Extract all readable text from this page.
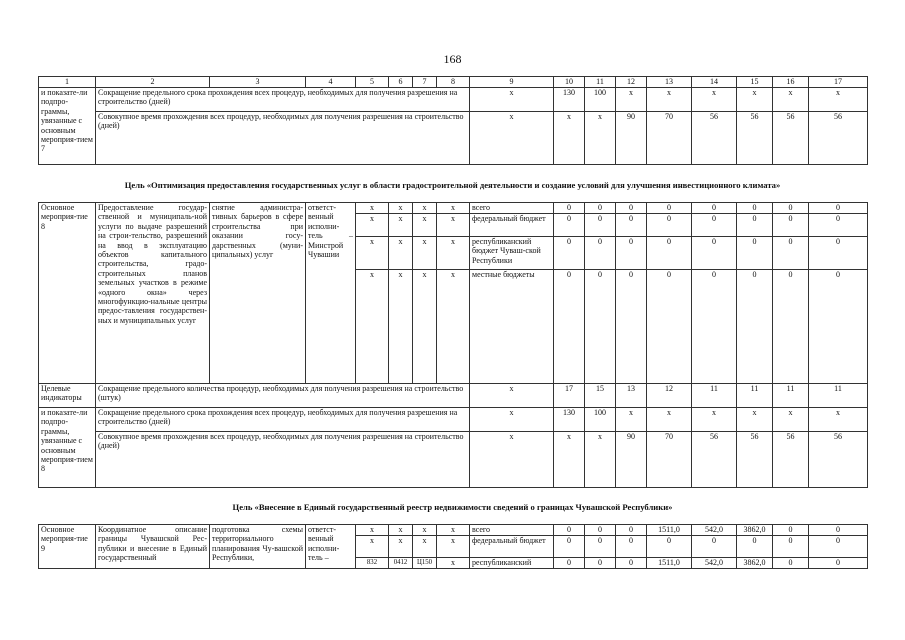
168
1	2	3	4	5	6	7	8	9	10	11	12	13	14	15	16	17
и показате-ли подпро-граммы, увязанные с основным мероприя-тием 7	Сокращение предельного срока прохождения всех процедур, необходимых для получения разрешения на строительство (дней)							x	130	100	x	x	x	x	x	x
	Совокупное время прохождения всех процедур, необходимых для получения разрешения на строительство (дней)							x	x	x	90	70	56	56	56	56
Цель «Оптимизация предоставления государственных услуг в области градостроительной деятельности и создание условий для улучшения инвестиционного климата»
Основное мероприя-тие 8	Предоставление государ-ственной и муниципаль-ной услуги по выдаче разрешений на строи-тельство, разрешений на ввод в эксплуатацию объектов капитального строительства, градо-строительных планов земельных участков в режиме «одного окна» через многофункцио-нальные центры предос-тавления государствен-ных и муниципальных услуг	снятие администра-тивных барьеров в сфере строительства при оказании госу-дарственных (муни-ципальных) услуг	ответст-венный исполни-тель – Минстрой Чувашии	x	x	x	x	всего	0	0	0	0	0	0	0	0
				x	x	x	x	федеральный бюджет	0	0	0	0	0	0	0	0
				x	x	x	x	республиканский бюджет Чуваш-ской Республики	0	0	0	0	0	0	0	0
				x	x	x	x	местные бюджеты	0	0	0	0	0	0	0	0
Целевые индикаторы	Сокращение предельного количества процедур, необходимых для получения разрешения на строительство (штук)							x	17	15	13	12	11	11	11	11
и показате-ли подпро-граммы, увязанные с основным мероприя-тием 8	Сокращение предельного срока прохождения всех процедур, необходимых для получения разрешения на строительство (дней)							x	130	100	x	x	x	x	x	x
	Совокупное время прохождения всех процедур, необходимых для получения разрешения на строительство (дней)							x	x	x	90	70	56	56	56	56
Цель «Внесение в Единый государственный реестр недвижимости сведений о границах Чувашской Республики»
Основное мероприя-тие 9	Координатное описание границы Чувашской Рес-публики и внесение в Единый государственный	подготовка схемы территориального планирования Чу-вашской Республики,	ответст-венный исполни-тель –	x	x	x	x	всего	0	0	0	1511,0	542,0	3862,0	0	0
				x	x	x	x	федеральный бюджет	0	0	0	0	0	0	0	0
				832	0412	Ц150	x	республиканский	0	0	0	1511,0	542,0	3862,0	0	0
